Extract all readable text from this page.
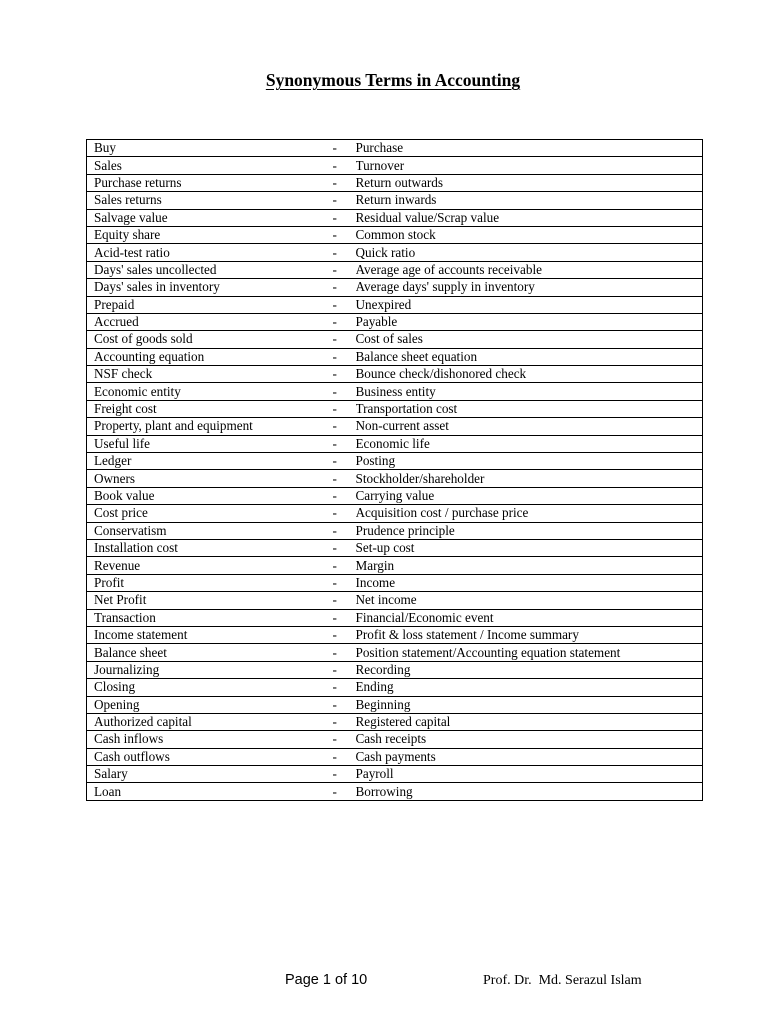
Synonymous Terms in Accounting
Buy	-	Purchase
Sales	-	Turnover
Purchase returns	-	Return outwards
Sales returns	-	Return inwards
Salvage value	-	Residual value/Scrap value
Equity share	-	Common stock
Acid-test ratio	-	Quick ratio
Days' sales uncollected	-	Average age of accounts receivable
Days' sales in inventory	-	Average days' supply in inventory
Prepaid	-	Unexpired
Accrued	-	Payable
Cost of goods sold	-	Cost of sales
Accounting equation	-	Balance sheet equation
NSF check	-	Bounce check/dishonored check
Economic entity	-	Business entity
Freight cost	-	Transportation cost
Property, plant and equipment	-	Non-current asset
Useful life	-	Economic life
Ledger	-	Posting
Owners	-	Stockholder/shareholder
Book value	-	Carrying value
Cost price	-	Acquisition cost / purchase price
Conservatism	-	Prudence principle
Installation cost	-	Set-up cost
Revenue	-	Margin
Profit	-	Income
Net Profit	-	Net income
Transaction	-	Financial/Economic event
Income statement	-	Profit & loss statement / Income summary
Balance sheet	-	Position statement/Accounting equation statement
Journalizing	-	Recording
Closing	-	Ending
Opening	-	Beginning
Authorized capital	-	Registered capital
Cash inflows	-	Cash receipts
Cash outflows	-	Cash payments
Salary	-	Payroll
Loan	-	Borrowing
Page 1 of 10	Prof. Dr.  Md. Serazul Islam
